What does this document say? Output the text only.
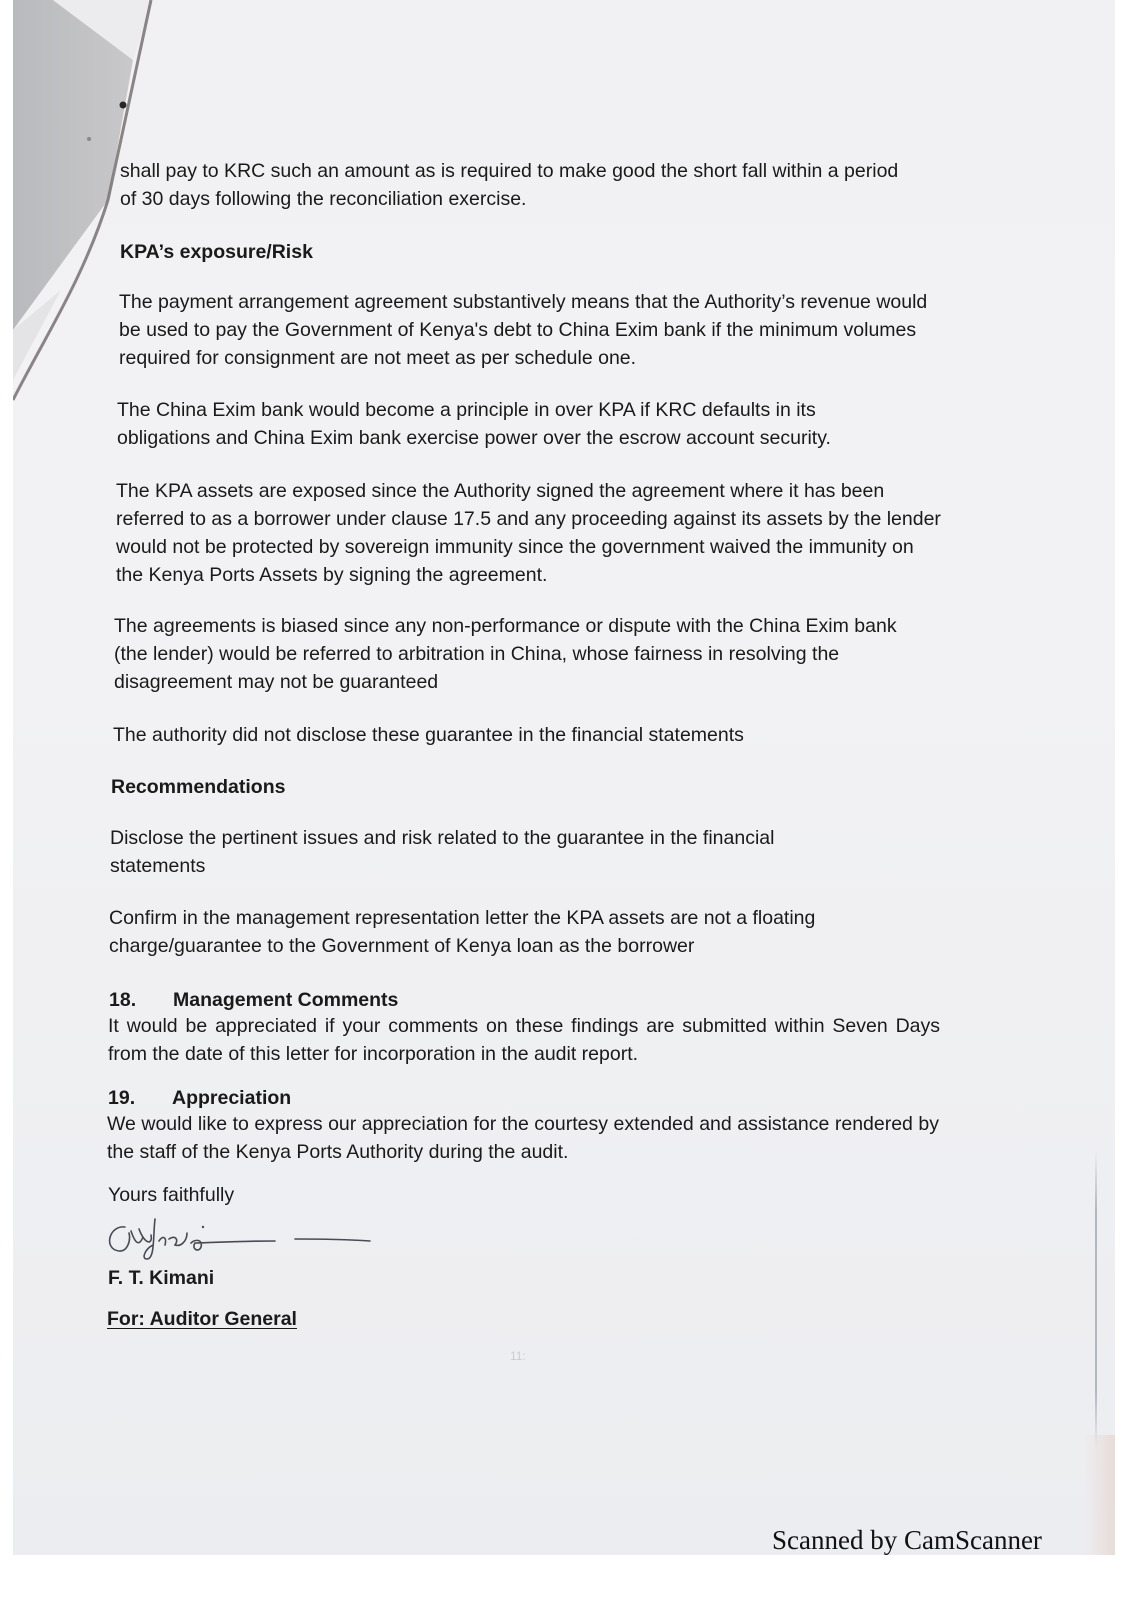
shall pay to KRC such an amount as is required to make good the short fall within a period of 30 days following the reconciliation exercise.

KPA’s exposure/Risk

The payment arrangement agreement substantively means that the Authority’s revenue would be used to pay the Government of Kenya's debt to China Exim bank if the minimum volumes required for consignment are not meet as per schedule one.

The China Exim bank would become a principle in over KPA if KRC defaults in its obligations and China Exim bank exercise power over the escrow account security.

The KPA assets are exposed since the Authority signed the agreement where it has been referred to as a borrower under clause 17.5 and any proceeding against its assets by the lender would not be protected by sovereign immunity since the government waived the immunity on the Kenya Ports Assets by signing the agreement.

The agreements is biased since any non-performance or dispute with the China Exim bank (the lender) would be referred to arbitration in China, whose fairness in resolving the disagreement may not be guaranteed

The authority did not disclose these guarantee in the financial statements

Recommendations

Disclose the pertinent issues and risk related to the guarantee in the financial statements

Confirm in the management representation letter the KPA assets are not a floating charge/guarantee to the Government of Kenya loan as the borrower

18. Management Comments

It would be appreciated if your comments on these findings are submitted within Seven Days from the date of this letter for incorporation in the audit report.

19. Appreciation

We would like to express our appreciation for the courtesy extended and assistance rendered by the staff of the Kenya Ports Authority during the audit.

Yours faithfully

F. T. Kimani

For: Auditor General

11:
Scanned by CamScanner
